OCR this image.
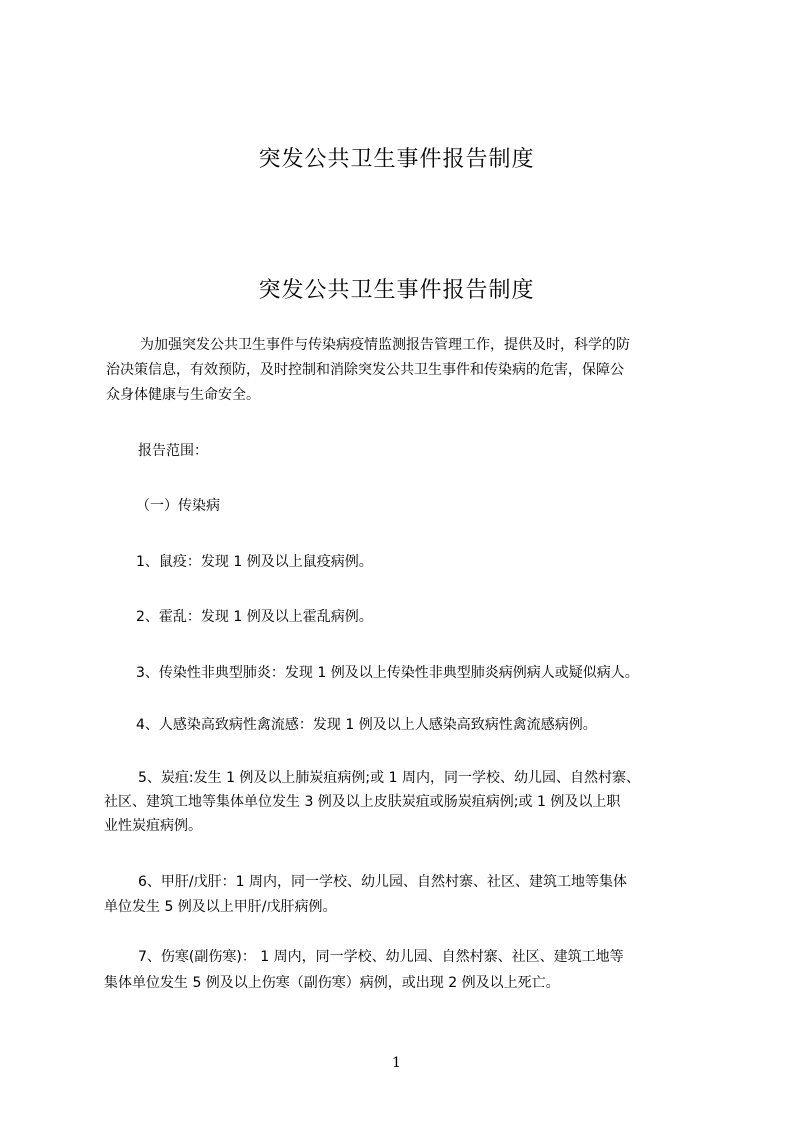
突发公共卫生事件报告制度
突发公共卫生事件报告制度
为加强突发公共卫生事件与传染病疫情监测报告管理工作，提供及时，科学的防
治决策信息，有效预防，及时控制和消除突发公共卫生事件和传染病的危害，保障公
众身体健康与生命安全。
报告范围：
（一）传染病
1、鼠疫：发现 1 例及以上鼠疫病例。
2、霍乱：发现 1 例及以上霍乱病例。
3、传染性非典型肺炎：发现 1 例及以上传染性非典型肺炎病例病人或疑似病人。
4、人感染高致病性禽流感：发现 1 例及以上人感染高致病性禽流感病例。
5、炭疽:发生 1 例及以上肺炭疽病例;或 1 周内，同一学校、幼儿园、自然村寨、
社区、建筑工地等集体单位发生 3 例及以上皮肤炭疽或肠炭疽病例;或 1 例及以上职
业性炭疽病例。
6、甲肝/戊肝：1 周内，同一学校、幼儿园、自然村寨、社区、建筑工地等集体
单位发生 5 例及以上甲肝/戊肝病例。
7、伤寒(副伤寒)： 1 周内，同一学校、幼儿园、自然村寨、社区、建筑工地等
集体单位发生 5 例及以上伤寒（副伤寒）病例，或出现 2 例及以上死亡。
1
